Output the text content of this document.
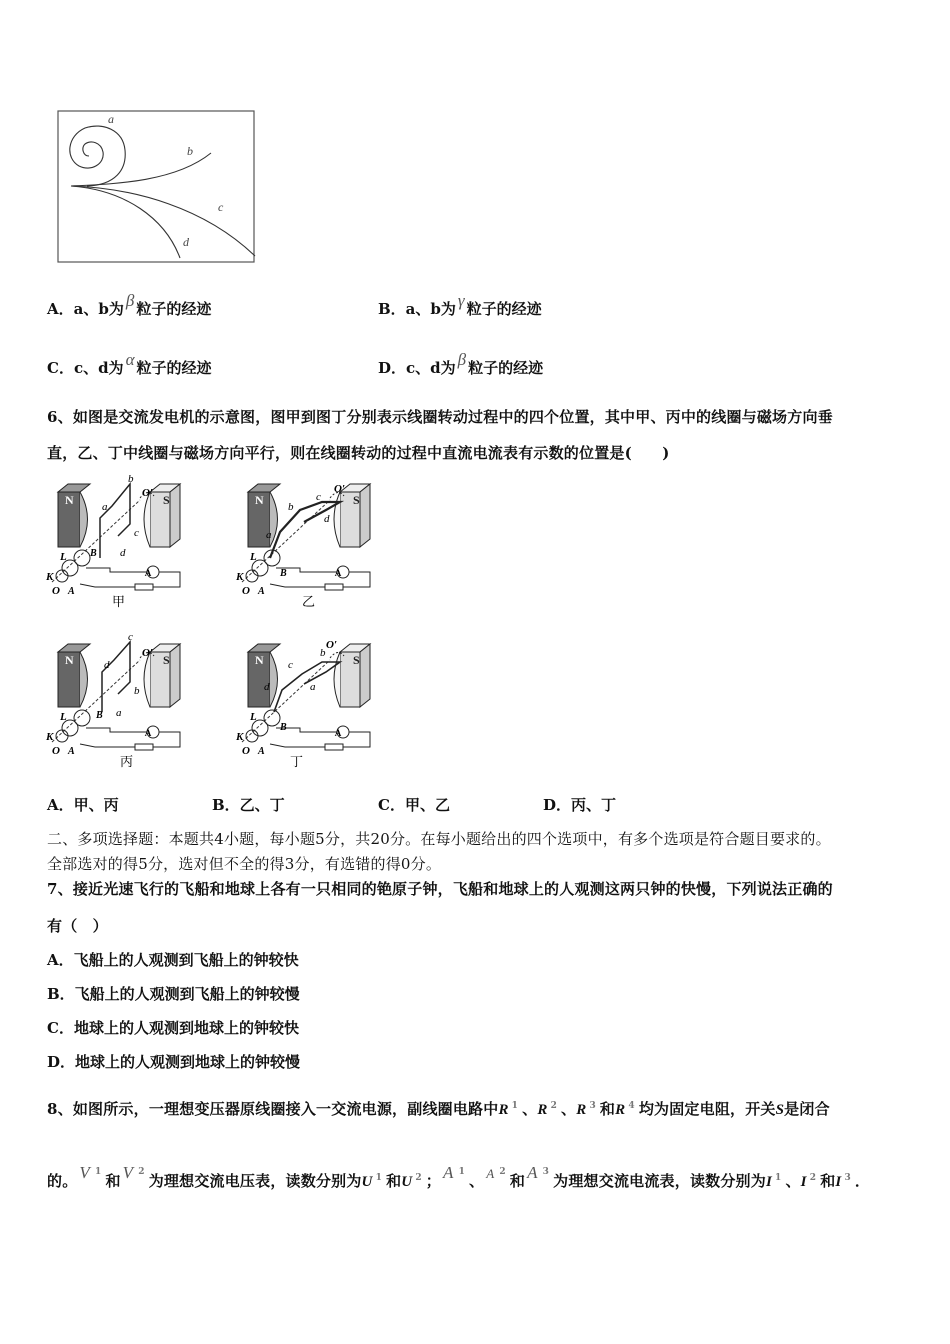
a
b
c
d
A．a、b为 β 粒子的经迹	B．a、b为 γ 粒子的经迹
C．c、d为 α 粒子的经迹	D．c、d为 β 粒子的经迹
6、如图是交流发电机的示意图，图甲到图丁分别表示线圈转动过程中的四个位置，其中甲、丙中的线圈与磁场方向垂
直，乙、丁中线圈与磁场方向平行，则在线圈转动的过程中直流电流表有示数的位置是(　　)
A
O′
O
K
L
A
B
a
b
c
d
甲
A
O′
O
K
L
A
B
a
b
c
d
乙
A
O′
O
K
L
A
B
d
c
b
a
丙
A
O′
O
K
L
A
B
d
c
b
a
丁
A．甲、丙	B．乙、丁	C．甲、乙	D．丙、丁
二、多项选择题：本题共4小题，每小题5分，共20分。在每小题给出的四个选项中，有多个选项是符合题目要求的。
全部选对的得5分，选对但不全的得3分，有选错的得0分。
7、接近光速飞行的飞船和地球上各有一只相同的铯原子钟，飞船和地球上的人观测这两只钟的快慢，下列说法正确的
有（　）
A．飞船上的人观测到飞船上的钟较快
B．飞船上的人观测到飞船上的钟较慢
C．地球上的人观测到地球上的钟较快
D．地球上的人观测到地球上的钟较慢
8、如图所示，一理想变压器原线圈接入一交流电源，副线圈电路中R $^1$ 、R $^2$ 、R $^3$ 和R $^4$ 均为固定电阻，开关S是闭合
的。 V $^1$ 和 V $^2$ 为理想交流电压表，读数分别为U $^1$ 和U $^2$ ； A $^1$ 、 A $^2$ 和 A $^3$ 为理想交流电流表，读数分别为I $^1$ 、I $^2$ 和I $^3$ ．
